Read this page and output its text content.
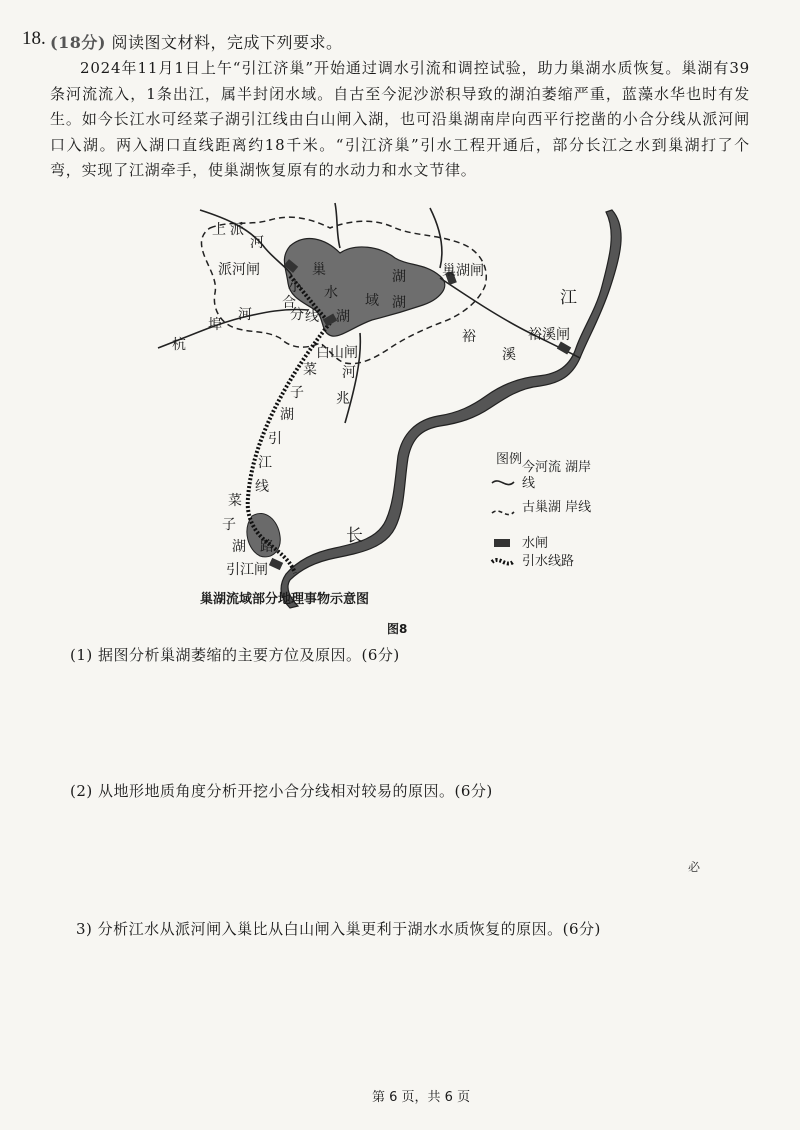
18. (18分) 阅读图文材料，完成下列要求。
2024年11月1日上午“引江济巢”开始通过调水引流和调控试验，助力巢湖水质恢复。巢湖有39条河流流入，1条出江，属半封闭水域。自古至今泥沙淤积导致的湖泊萎缩严重，蓝藻水华也时有发生。如今长江水可经菜子湖引江线由白山闸入湖，也可沿巢湖南岸向西平行挖凿的小合分线从派河闸口入湖。两入湖口直线距离约18千米。“引江济巢”引水工程开通后，部分长江之水到巢湖打了个弯，实现了江湖牵手，使巢湖恢复原有的水动力和水文节律。
上 派
河
派河闸	巢
水
湖
小
合
分 线
杭
埠
河
白山闸
菜
子
湖
引
江
线
河
兆
湖
域 湖
巢湖闸
江
裕溪闸
裕
溪
长
菜
子
湖 路
引江闸
图例
今河流 湖岸线
古巢湖 岸线
水闸
引水线路
巢湖流域部分地理事物示意图
图8
(1) 据图分析巢湖萎缩的主要方位及原因。(6分)
(2) 从地形地质角度分析开挖小合分线相对较易的原因。(6分)
3) 分析江水从派河闸入巢比从白山闸入巢更利于湖水水质恢复的原因。(6分)
必
第 6 页，共 6 页
